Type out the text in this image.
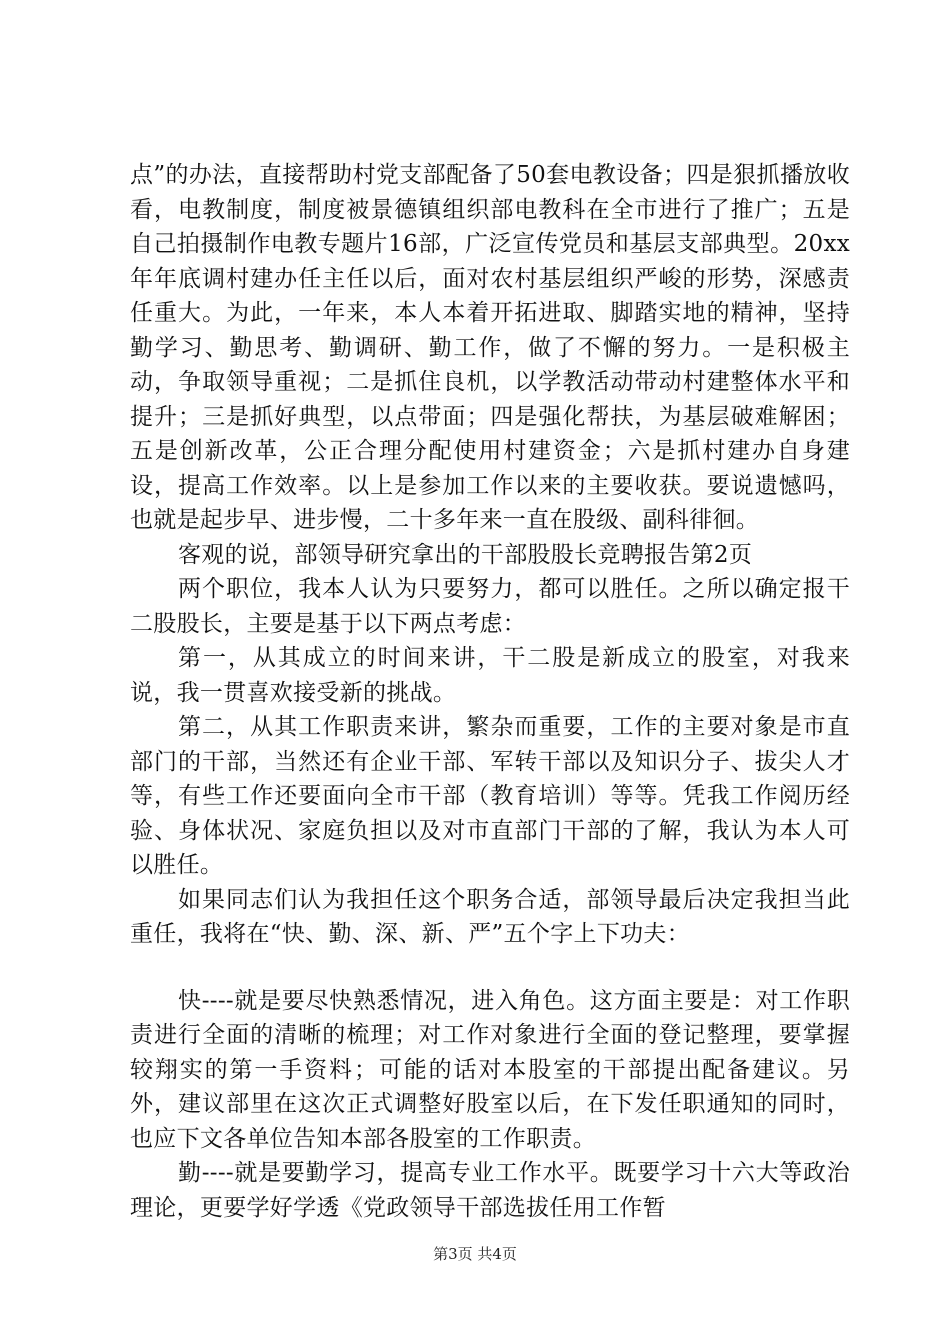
点”的办法，直接帮助村党支部配备了50套电教设备；四是狠抓播放收看，电教制度，制度被景德镇组织部电教科在全市进行了推广；五是自己拍摄制作电教专题片16部，广泛宣传党员和基层支部典型。20xx年年底调村建办任主任以后，面对农村基层组织严峻的形势，深感责任重大。为此，一年来，本人本着开拓进取、脚踏实地的精神，坚持勤学习、勤思考、勤调研、勤工作，做了不懈的努力。一是积极主动，争取领导重视；二是抓住良机，以学教活动带动村建整体水平和提升；三是抓好典型，以点带面；四是强化帮扶，为基层破难解困；五是创新改革，公正合理分配使用村建资金；六是抓村建办自身建设，提高工作效率。以上是参加工作以来的主要收获。要说遗憾吗，也就是起步早、进步慢，二十多年来一直在股级、副科徘徊。

客观的说，部领导研究拿出的干部股股长竞聘报告第2页

两个职位，我本人认为只要努力，都可以胜任。之所以确定报干二股股长，主要是基于以下两点考虑：

第一，从其成立的时间来讲，干二股是新成立的股室，对我来说，我一贯喜欢接受新的挑战。

第二，从其工作职责来讲，繁杂而重要，工作的主要对象是市直部门的干部，当然还有企业干部、军转干部以及知识分子、拔尖人才等，有些工作还要面向全市干部（教育培训）等等。凭我工作阅历经验、身体状况、家庭负担以及对市直部门干部的了解，我认为本人可以胜任。

如果同志们认为我担任这个职务合适，部领导最后决定我担当此重任，我将在“快、勤、深、新、严”五个字上下功夫：

快----就是要尽快熟悉情况，进入角色。这方面主要是：对工作职责进行全面的清晰的梳理；对工作对象进行全面的登记整理，要掌握较翔实的第一手资料；可能的话对本股室的干部提出配备建议。另外，建议部里在这次正式调整好股室以后，在下发任职通知的同时，也应下文各单位告知本部各股室的工作职责。

勤----就是要勤学习，提高专业工作水平。既要学习十六大等政治理论，更要学好学透《党政领导干部选拔任用工作暂

第3页 共4页
